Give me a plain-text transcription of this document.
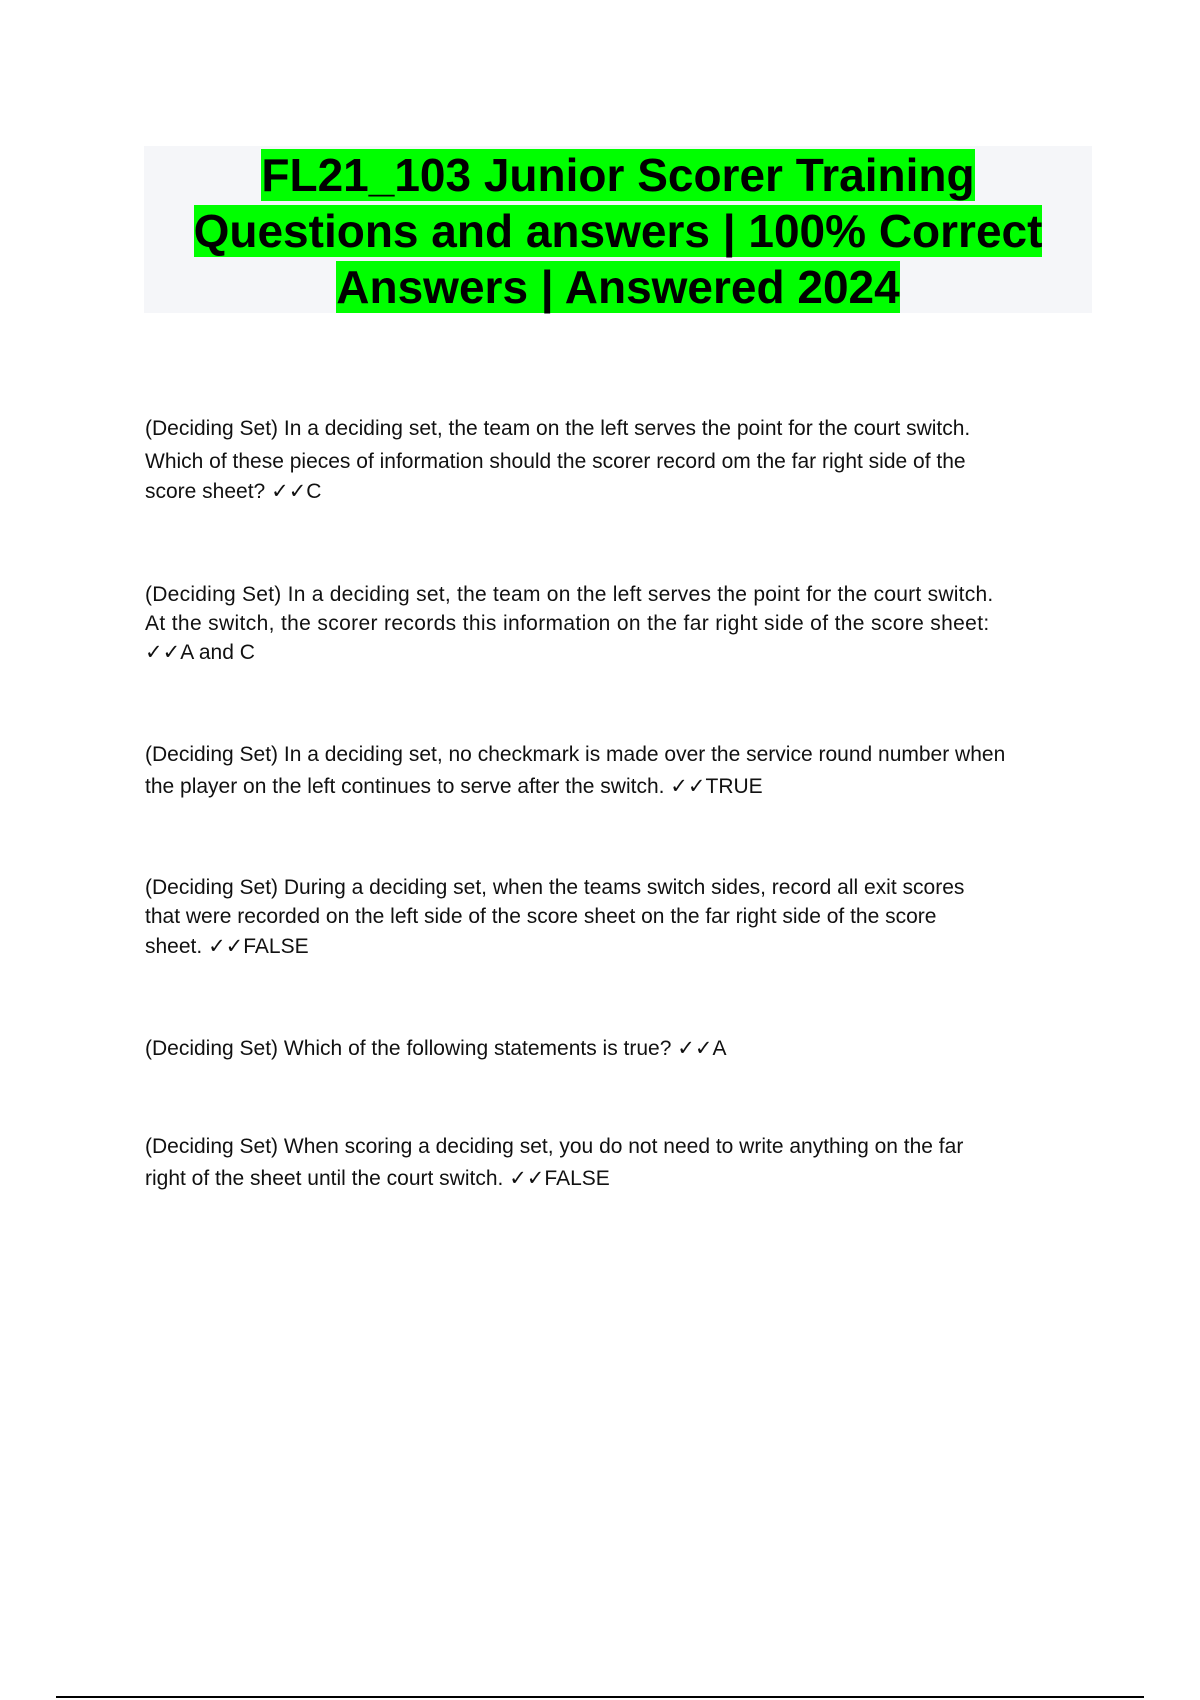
FL21_103 Junior Scorer Training
Questions and answers | 100% Correct
Answers | Answered 2024
(Deciding Set) In a deciding set, the team on the left serves the point for the court switch.
Which of these pieces of information should the scorer record om the far right side of the
score sheet? ✓✓C
(Deciding Set) In a deciding set, the team on the left serves the point for the court switch.
At the switch, the scorer records this information on the far right side of the score sheet:
✓✓A and C
(Deciding Set) In a deciding set, no checkmark is made over the service round number when
the player on the left continues to serve after the switch. ✓✓TRUE
(Deciding Set) During a deciding set, when the teams switch sides, record all exit scores
that were recorded on the left side of the score sheet on the far right side of the score
sheet. ✓✓FALSE
(Deciding Set) Which of the following statements is true? ✓✓A
(Deciding Set) When scoring a deciding set, you do not need to write anything on the far
right of the sheet until the court switch. ✓✓FALSE
